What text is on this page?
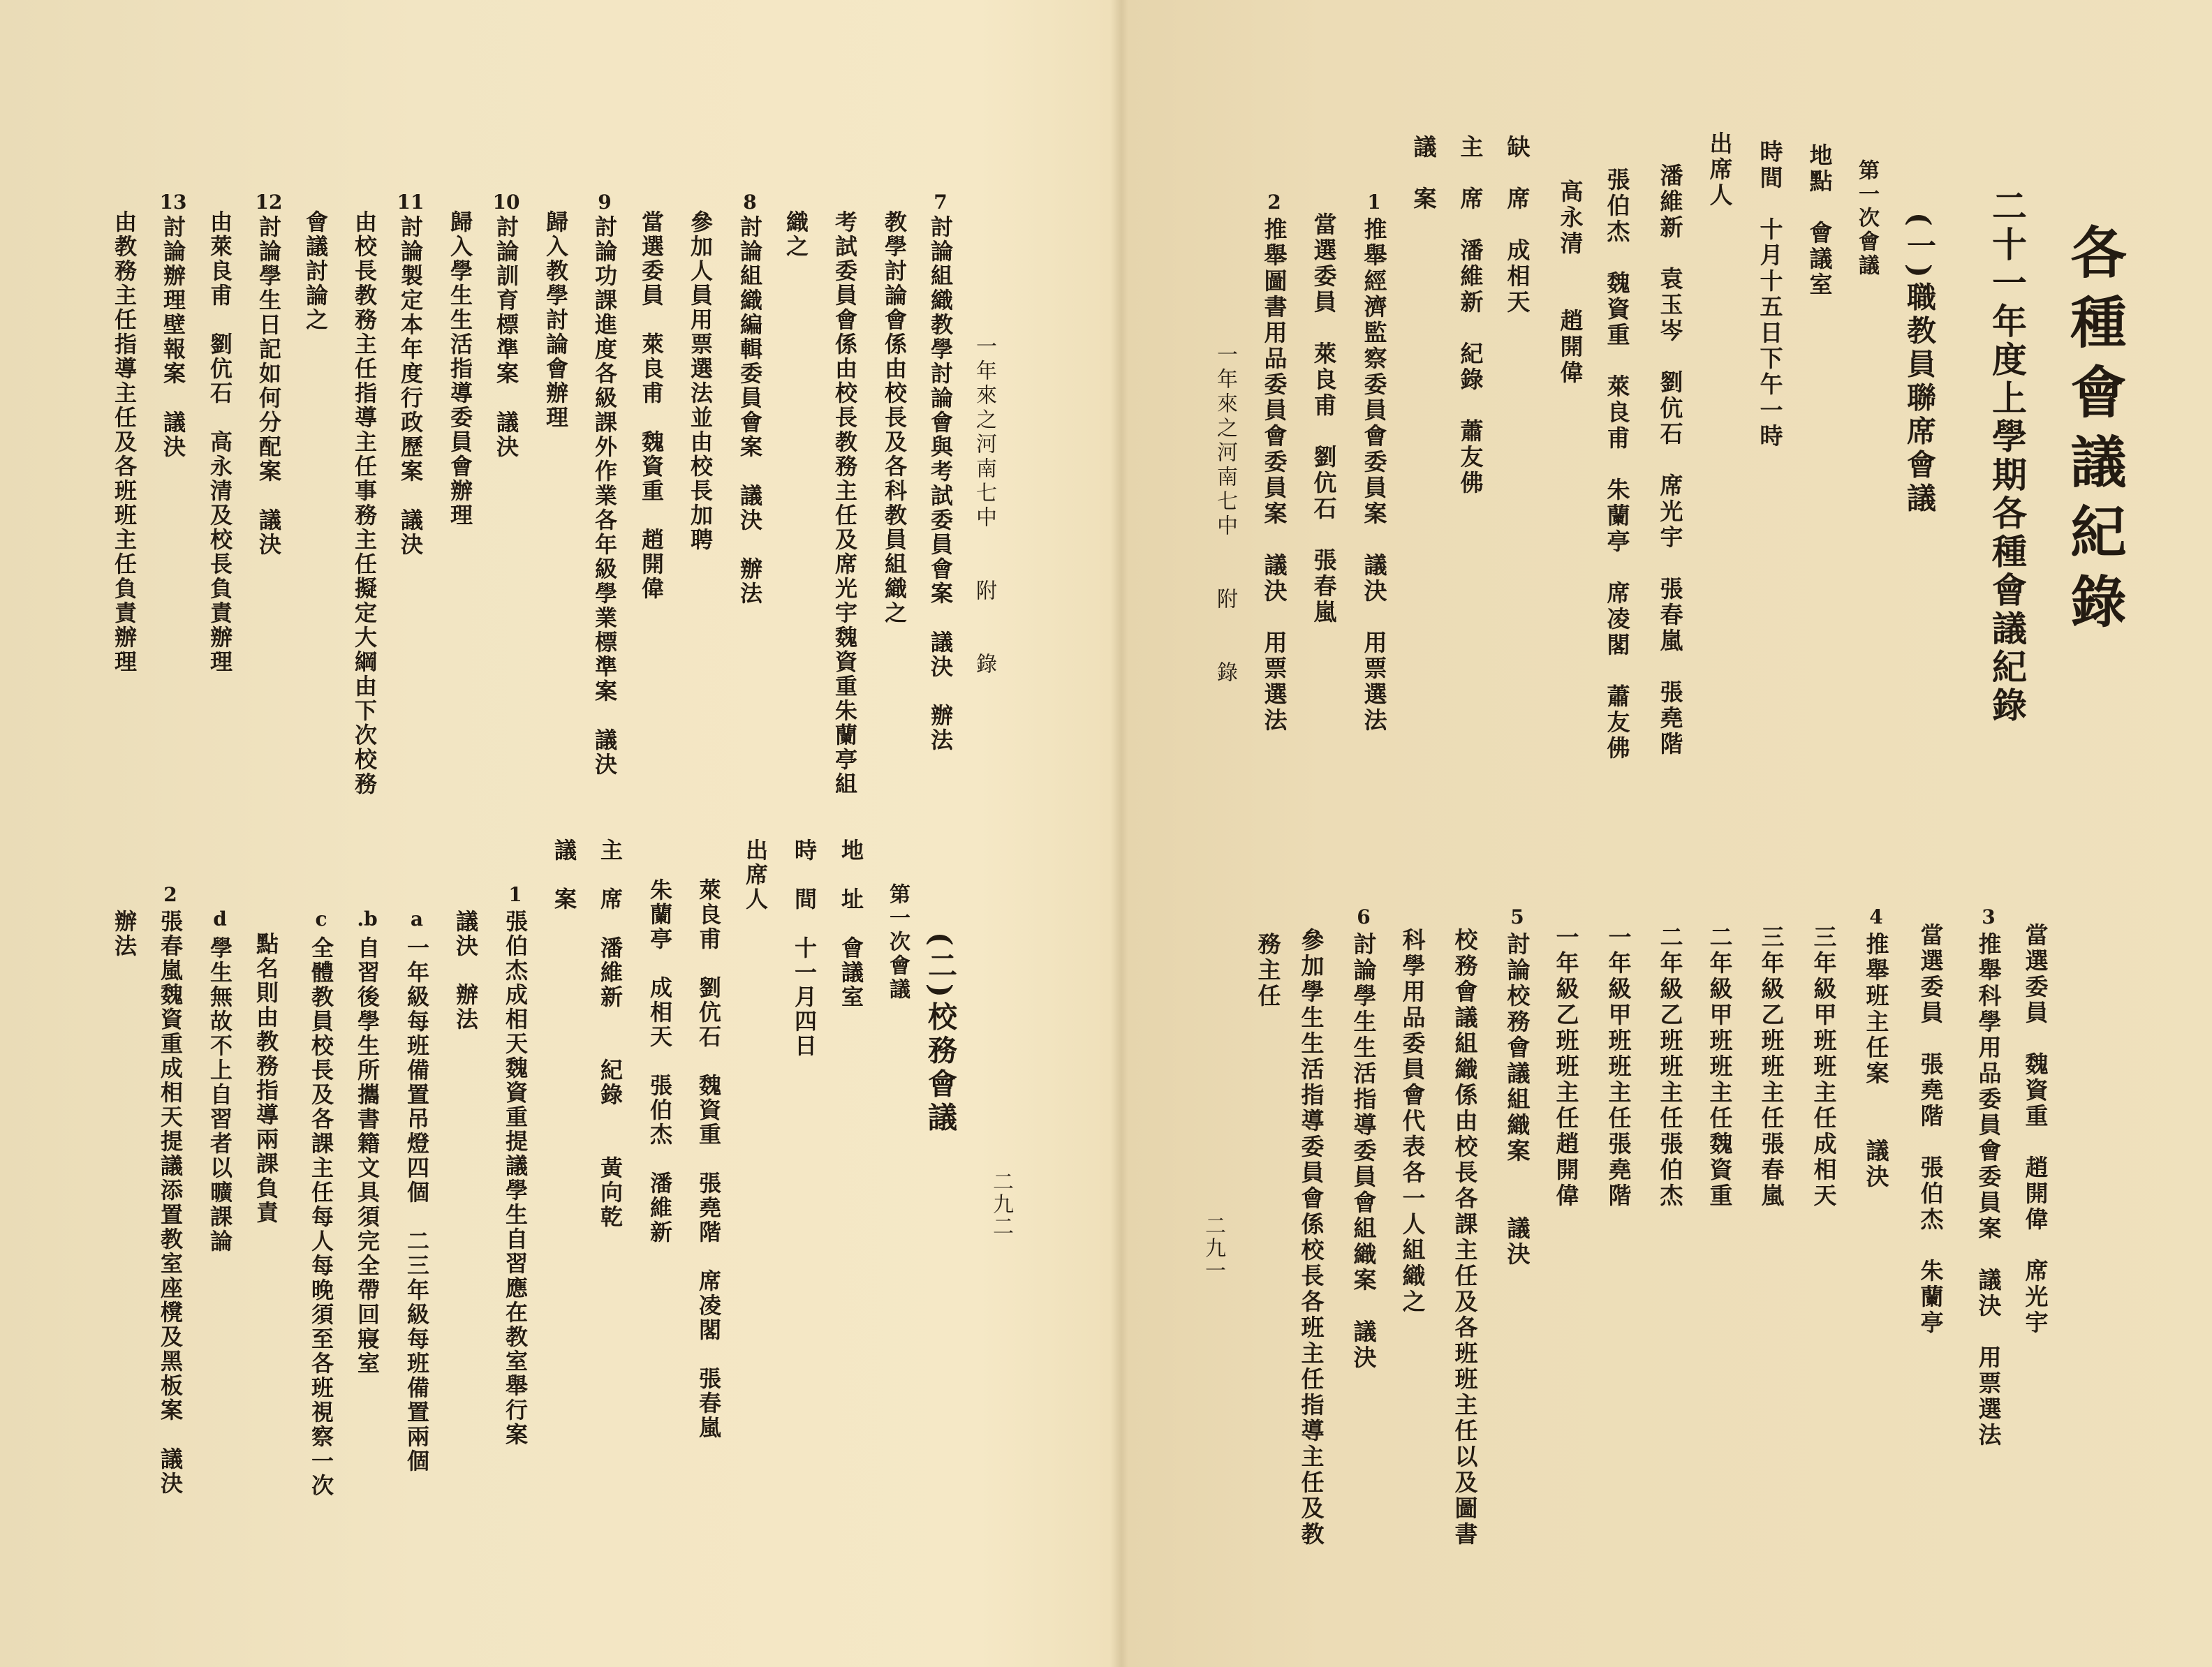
各種會議紀錄
二十一年度上學期各種會議紀錄
(一)職教員聯席會議
第一次會議
地點　會議室
時間　十月十五日下午一時
出席人
潘維新　袁玉岑　劉伉石　席光宇　張春嵐　張堯階
張伯杰　魏資重　萊良甫　朱蘭亭　席凌閣　蕭友佛
高永清　　趙開偉
缺　席　成相天
主　席　潘維新　紀錄　蕭友佛
議　案
推舉經濟監察委員會委員案　議決　用票選法
1
當選委員　萊良甫　劉伉石　張春嵐
推舉圖書用品委員會委員案　議決　用票選法
2
一年來之河南七中　　附　　錄
當選委員　魏資重　趙開偉　席光宇
推舉科學用品委員會委員案　議決　用票選法
3
當選委員　張堯階　張伯杰　朱蘭亭
推舉班主任案　　議決
4
三年級甲班班主任成相天
三年級乙班班主任張春嵐
二年級甲班班主任魏資重
二年級乙班班主任張伯杰
一年級甲班班主任張堯階
一年級乙班班主任趙開偉
討論校務會議組織案　　議決
5
校務會議組織係由校長各課主任及各班班主任以及圖書
科學用品委員會代表各一人組織之
討論學生生活指導委員會組織案　議決
6
參加學生生活指導委員會係校長各班主任指導主任及教
務主任
二九一
一年來之河南七中　　附　　錄
討論組織教學討論會與考試委員會案　議決　辦法
7
教學討論會係由校長及各科教員組織之
考試委員會係由校長教務主任及席光宇魏資重朱蘭亭組
織之
討論組織編輯委員會案　議決　辦法
8
參加人員用票選法並由校長加聘
當選委員　萊良甫　魏資重　趙開偉
討論功課進度各級課外作業各年級學業標準案　議決
9
歸入教學討論會辦理
討論訓育標準案　議決
10
歸入學生生活指導委員會辦理
討論製定本年度行政歷案　議決
11
由校長教務主任指導主任事務主任擬定大綱由下次校務
會議討論之
討論學生日記如何分配案　議決
12
由萊良甫　劉伉石　高永清及校長負責辦理
討論辦理壁報案　議決
13
由教務主任指導主任及各班班主任負責辦理
(二)校務會議
第一次會議
地　址　會議室
時　間　十一月四日
出席人
萊良甫　劉伉石　魏資重　張堯階　席凌閣　張春嵐
朱蘭亭　成相天　張伯杰　潘維新
主　席　潘維新　　紀錄　　黃向乾
議　案
張伯杰成相天魏資重提議學生自習應在教室舉行案
1
議決　辦法
一年級每班備置吊燈四個　二三年級每班備置兩個
a
自習後學生所攜書籍文具須完全帶回寢室
.b
全體教員校長及各課主任每人每晚須至各班視察一次
c
點名則由教務指導兩課負責
學生無故不上自習者以曠課論
d
張春嵐魏資重成相天提議添置教室座櫈及黑板案　議決
2
辦法
二九二
